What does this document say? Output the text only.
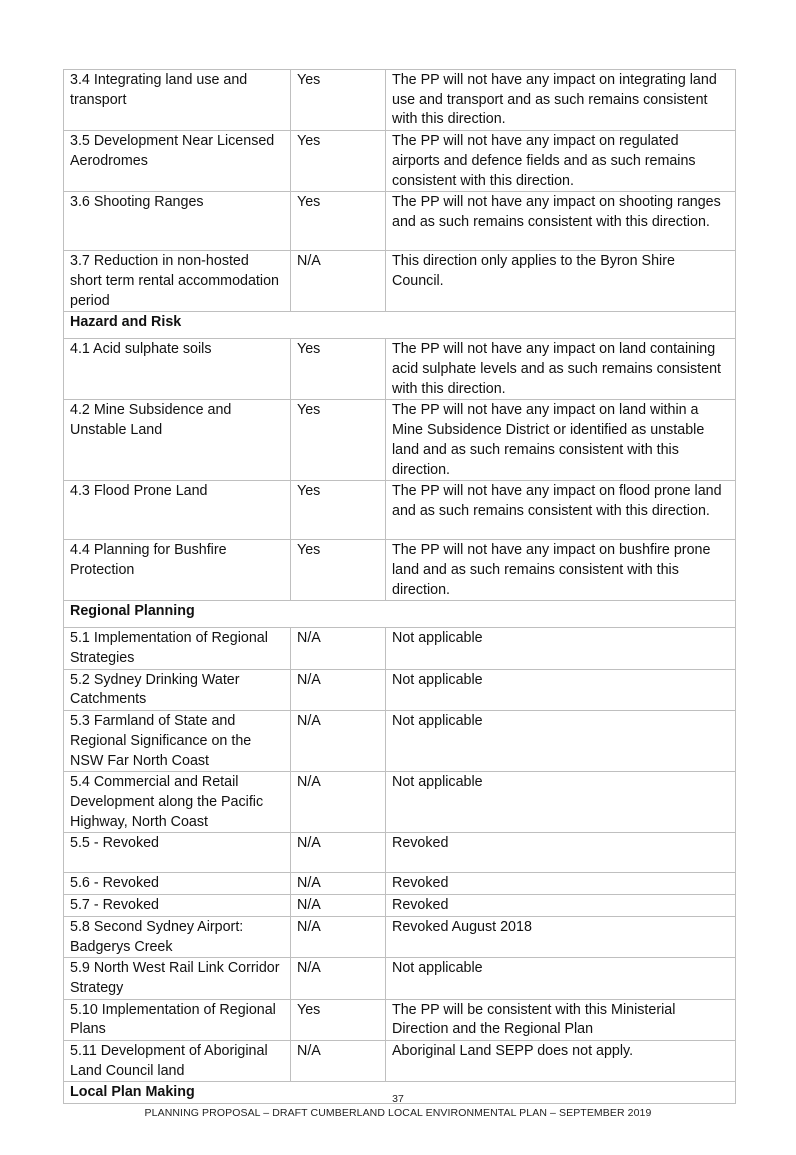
3.4 Integrating land use and transport	Yes	The PP will not have any impact on integrating land use and transport and as such remains consistent with this direction.
3.5 Development Near Licensed Aerodromes	Yes	The PP will not have any impact on regulated airports and defence fields and as such remains consistent with this direction.
3.6 Shooting Ranges	Yes	The PP will not have any impact on shooting ranges and as such remains consistent with this direction.
3.7 Reduction in non-hosted short term rental accommodation period	N/A	This direction only applies to the Byron Shire Council.
Hazard and Risk		
4.1 Acid sulphate soils	Yes	The PP will not have any impact on land containing acid sulphate levels and as such remains consistent with this direction.
4.2 Mine Subsidence and Unstable Land	Yes	The PP will not have any impact on land within a Mine Subsidence District or identified as unstable land and as such remains consistent with this direction.
4.3 Flood Prone Land	Yes	The PP will not have any impact on flood prone land and as such remains consistent with this direction.
4.4 Planning for Bushfire Protection	Yes	The PP will not have any impact on bushfire prone land and as such remains consistent with this direction.
Regional Planning		
5.1 Implementation of Regional Strategies	N/A	Not applicable
5.2 Sydney Drinking Water Catchments	N/A	Not applicable
5.3 Farmland of State and Regional Significance on the NSW Far North Coast	N/A	Not applicable
5.4 Commercial and Retail Development along the Pacific Highway, North Coast	N/A	Not applicable
5.5 - Revoked	N/A	Revoked
5.6 - Revoked	N/A	Revoked
5.7 - Revoked	N/A	Revoked
5.8 Second Sydney Airport: Badgerys Creek	N/A	Revoked August 2018
5.9 North West Rail Link Corridor Strategy	N/A	Not applicable
5.10 Implementation of Regional Plans	Yes	The PP will be consistent with this Ministerial Direction and the Regional Plan
5.11 Development of Aboriginal Land Council land	N/A	Aboriginal Land SEPP does not apply.
Local Plan Making			37
PLANNING PROPOSAL – DRAFT CUMBERLAND LOCAL ENVIRONMENTAL PLAN – SEPTEMBER 2019
